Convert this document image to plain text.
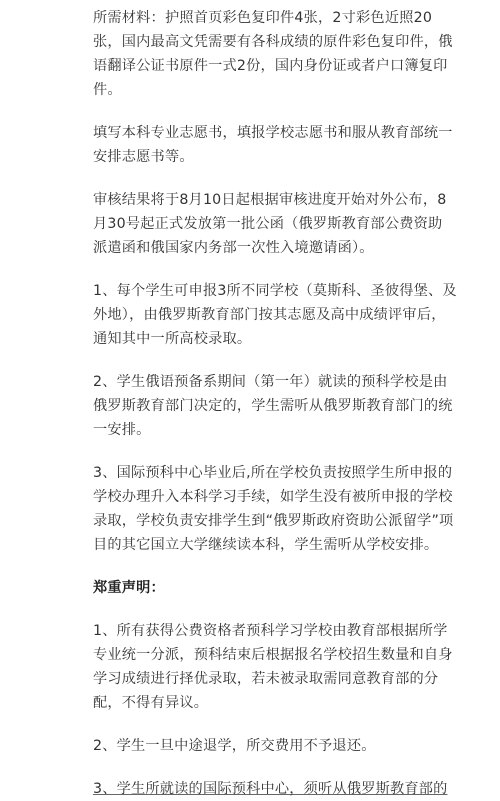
所需材料：护照首页彩色复印件4张，2寸彩色近照20
张，国内最高文凭需要有各科成绩的原件彩色复印件，俄
语翻译公证书原件一式2份，国内身份证或者户口簿复印
件。
填写本科专业志愿书，填报学校志愿书和服从教育部统一
安排志愿书等。
审核结果将于8月10日起根据审核进度开始对外公布，8
月30号起正式发放第一批公函（俄罗斯教育部公费资助
派遣函和俄国家内务部一次性入境邀请函）。
1、每个学生可申报3所不同学校（莫斯科、圣彼得堡、及
外地），由俄罗斯教育部门按其志愿及高中成绩评审后，
通知其中一所高校录取。
2、学生俄语预备系期间（第一年）就读的预科学校是由
俄罗斯教育部门决定的，学生需听从俄罗斯教育部门的统
一安排。
3、国际预科中心毕业后,所在学校负责按照学生所申报的
学校办理升入本科学习手续，如学生没有被所申报的学校
录取，学校负责安排学生到“俄罗斯政府资助公派留学”项
目的其它国立大学继续读本科，学生需听从学校安排。
郑重声明：
1、所有获得公费资格者预科学习学校由教育部根据所学
专业统一分派，预科结束后根据报名学校招生数量和自身
学习成绩进行择优录取，若未被录取需同意教育部的分
配，不得有异议。
2、学生一旦中途退学，所交费用不予退还。
3、学生所就读的国际预科中心，须听从俄罗斯教育部的
